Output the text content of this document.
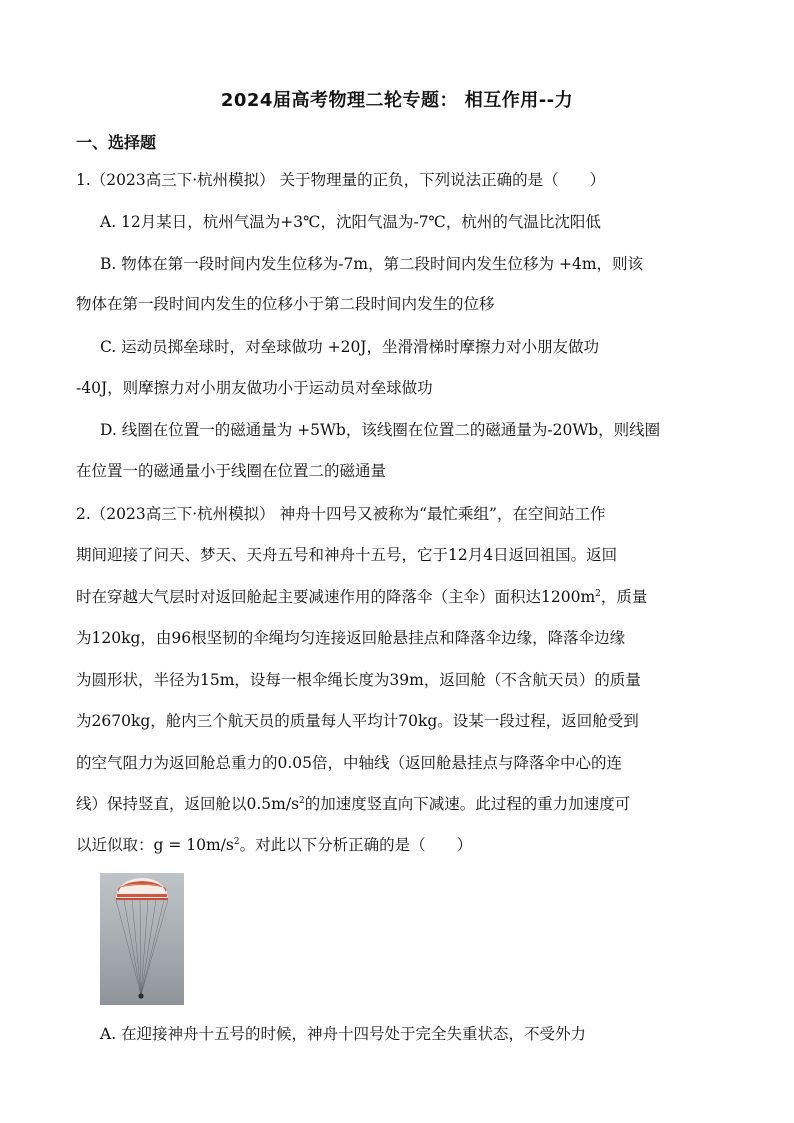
2024届高考物理二轮专题： 相互作用--力
一、选择题
1.（2023高三下·杭州模拟） 关于物理量的正负，下列说法正确的是（　　）
A. 12月某日，杭州气温为+3℃，沈阳气温为-7℃，杭州的气温比沈阳低
B. 物体在第一段时间内发生位移为-7m，第二段时间内发生位移为 +4m，则该
物体在第一段时间内发生的位移小于第二段时间内发生的位移
C. 运动员掷垒球时，对垒球做功 +20J，坐滑滑梯时摩擦力对小朋友做功
-40J，则摩擦力对小朋友做功小于运动员对垒球做功
D. 线圈在位置一的磁通量为 +5Wb，该线圈在位置二的磁通量为-20Wb，则线圈
在位置一的磁通量小于线圈在位置二的磁通量
2.（2023高三下·杭州模拟） 神舟十四号又被称为“最忙乘组”，在空间站工作
期间迎接了问天、梦天、天舟五号和神舟十五号，它于12月4日返回祖国。返回
时在穿越大气层时对返回舱起主要减速作用的降落伞（主伞）面积达$1200m^2$，质量
为120kg，由96根坚韧的伞绳均匀连接返回舱悬挂点和降落伞边缘，降落伞边缘
为圆形状，半径为15m，设每一根伞绳长度为39m，返回舱（不含航天员）的质量
为2670kg，舱内三个航天员的质量每人平均计70kg。设某一段过程，返回舱受到
的空气阻力为返回舱总重力的0.05倍，中轴线（返回舱悬挂点与降落伞中心的连
线）保持竖直，返回舱以$0.5m/s^2$的加速度竖直向下减速。此过程的重力加速度可
以近似取：$g = 10m/s^2$。对此以下分析正确的是（　　）
A. 在迎接神舟十五号的时候，神舟十四号处于完全失重状态，不受外力
